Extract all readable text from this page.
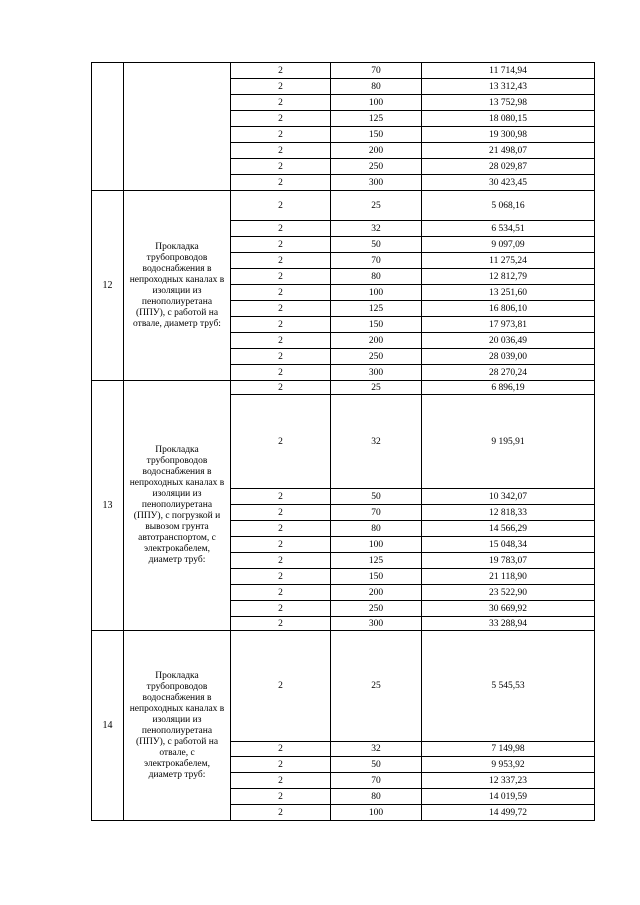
		2	70	11 714,94
		2	80	13 312,43
		2	100	13 752,98
		2	125	18 080,15
		2	150	19 300,98
		2	200	21 498,07
		2	250	28 029,87
		2	300	30 423,45
12	Прокладка трубопроводов водоснабжения в непроходных каналах в изоляции из пенополиуретана (ППУ), с работой на отвале, диаметр труб:	2	25	5 068,16
		2	32	6 534,51
		2	50	9 097,09
		2	70	11 275,24
		2	80	12 812,79
		2	100	13 251,60
		2	125	16 806,10
		2	150	17 973,81
		2	200	20 036,49
		2	250	28 039,00
		2	300	28 270,24
13	Прокладка трубопроводов водоснабжения в непроходных каналах в изоляции из пенополиуретана (ППУ), с погрузкой и вывозом грунта автотранспортом, с электрокабелем, диаметр труб:	2	25	6 896,19
		2	32	9 195,91
		2	50	10 342,07
		2	70	12 818,33
		2	80	14 566,29
		2	100	15 048,34
		2	125	19 783,07
		2	150	21 118,90
		2	200	23 522,90
		2	250	30 669,92
		2	300	33 288,94
14	Прокладка трубопроводов водоснабжения в непроходных каналах в изоляции из пенополиуретана (ППУ), с работой на отвале, с электрокабелем, диаметр труб:	2	25	5 545,53
		2	32	7 149,98
		2	50	9 953,92
		2	70	12 337,23
		2	80	14 019,59
		2	100	14 499,72
